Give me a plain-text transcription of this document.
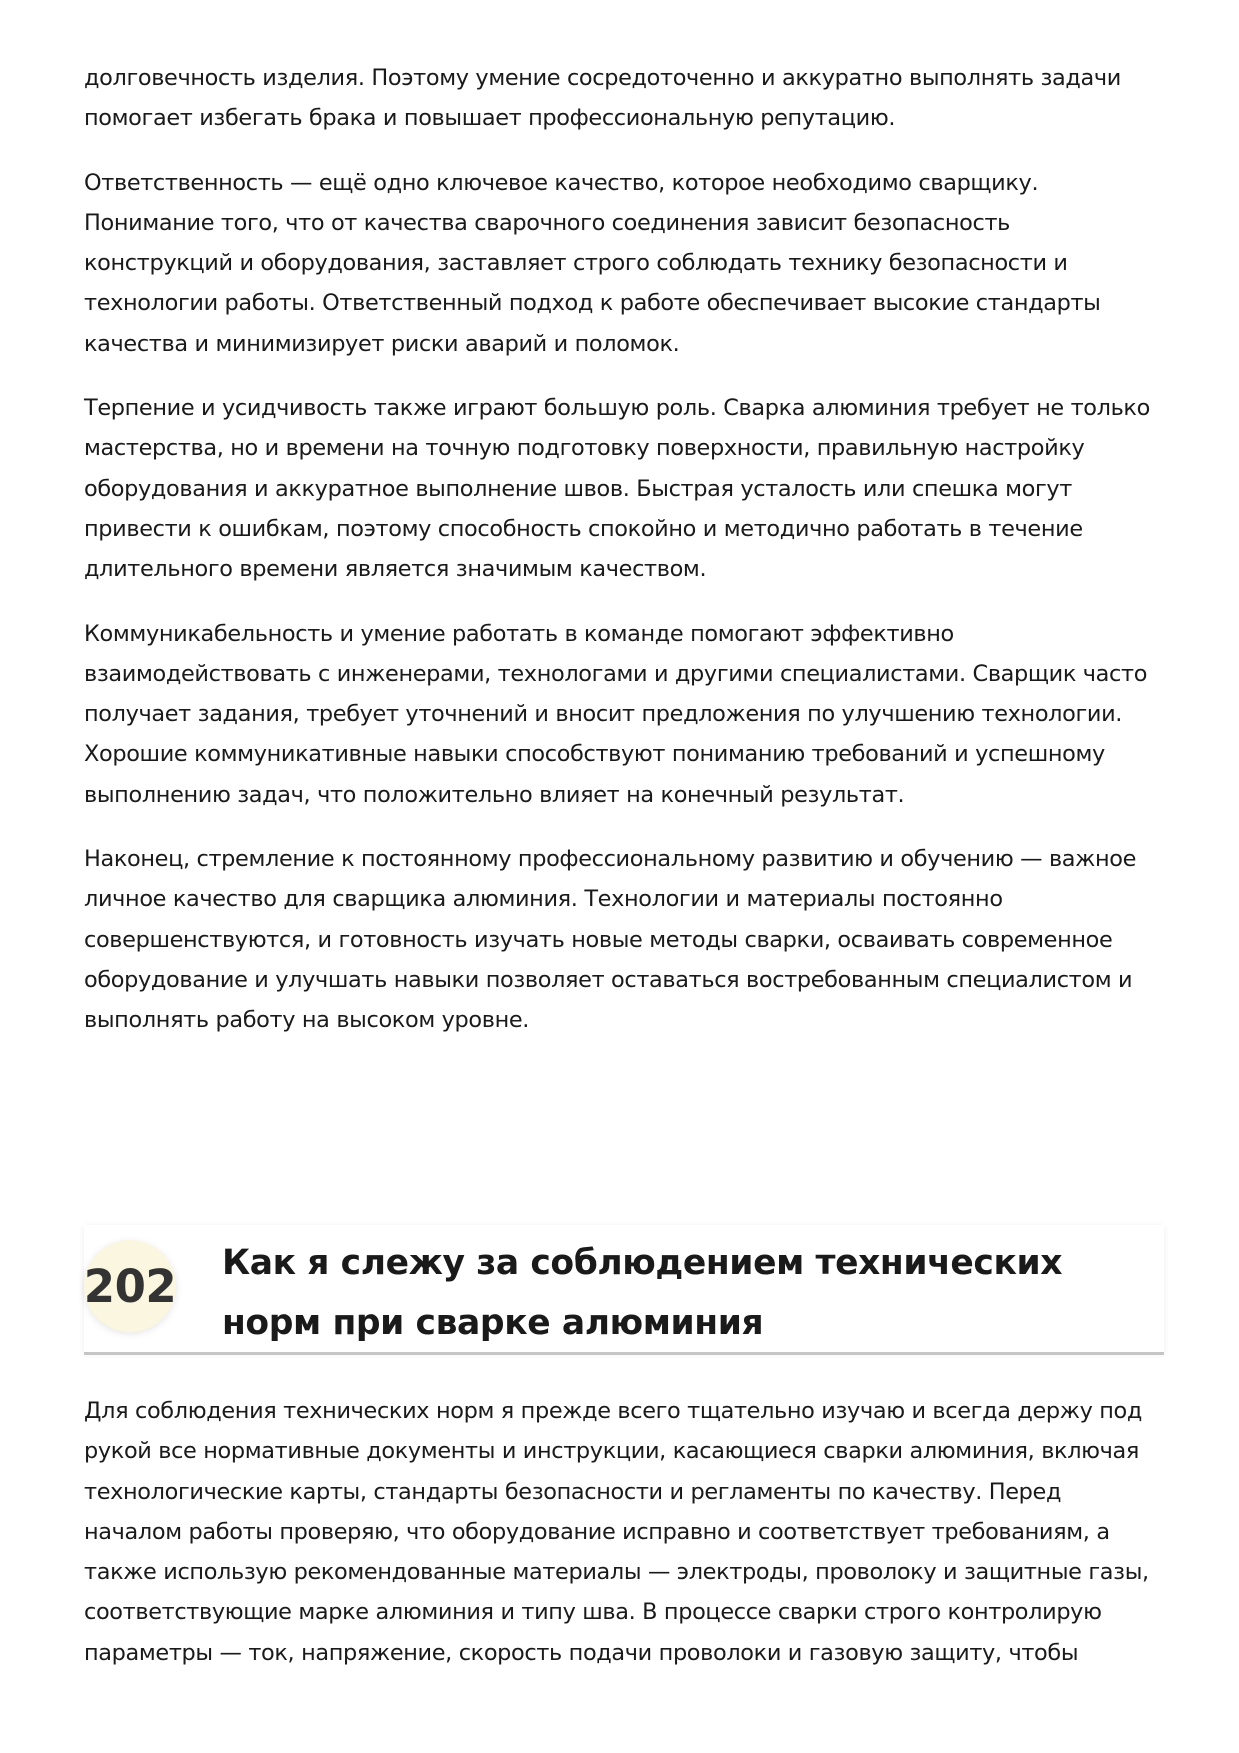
долговечность изделия. Поэтому умение сосредоточенно и аккуратно выполнять задачи помогает избегать брака и повышает профессиональную репутацию.

Ответственность — ещё одно ключевое качество, которое необходимо сварщику. Понимание того, что от качества сварочного соединения зависит безопасность конструкций и оборудования, заставляет строго соблюдать технику безопасности и технологии работы. Ответственный подход к работе обеспечивает высокие стандарты качества и минимизирует риски аварий и поломок.

Терпение и усидчивость также играют большую роль. Сварка алюминия требует не только мастерства, но и времени на точную подготовку поверхности, правильную настройку оборудования и аккуратное выполнение швов. Быстрая усталость или спешка могут привести к ошибкам, поэтому способность спокойно и методично работать в течение длительного времени является значимым качеством.

Коммуникабельность и умение работать в команде помогают эффективно взаимодействовать с инженерами, технологами и другими специалистами. Сварщик часто получает задания, требует уточнений и вносит предложения по улучшению технологии. Хорошие коммуникативные навыки способствуют пониманию требований и успешному выполнению задач, что положительно влияет на конечный результат.

Наконец, стремление к постоянному профессиональному развитию и обучению — важное личное качество для сварщика алюминия. Технологии и материалы постоянно совершенствуются, и готовность изучать новые методы сварки, осваивать современное оборудование и улучшать навыки позволяет оставаться востребованным специалистом и выполнять работу на высоком уровне.

202 Как я слежу за соблюдением технических норм при сварке алюминия

Для соблюдения технических норм я прежде всего тщательно изучаю и всегда держу под рукой все нормативные документы и инструкции, касающиеся сварки алюминия, включая технологические карты, стандарты безопасности и регламенты по качеству. Перед началом работы проверяю, что оборудование исправно и соответствует требованиям, а также использую рекомендованные материалы — электроды, проволоку и защитные газы, соответствующие марке алюминия и типу шва. В процессе сварки строго контролирую параметры — ток, напряжение, скорость подачи проволоки и газовую защиту, чтобы
